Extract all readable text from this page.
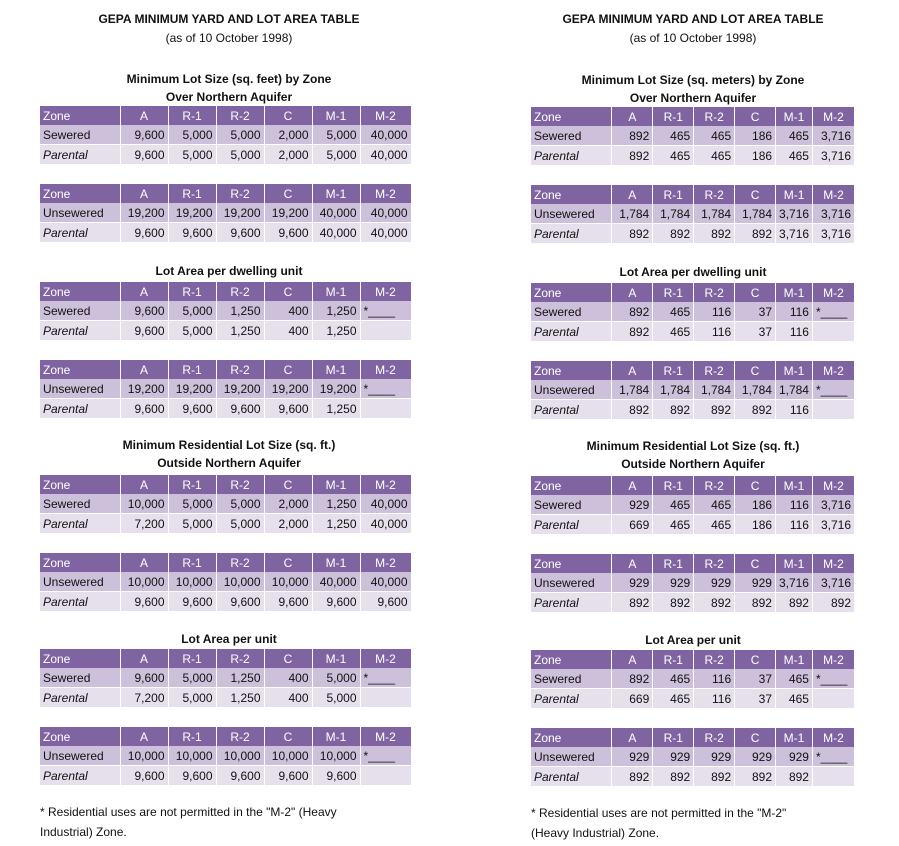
GEPA MINIMUM YARD AND LOT AREA TABLE
(as of 10 October 1998)
Minimum Lot Size (sq. feet) by Zone
Over Northern Aquifer
Zone	A	R-1	R-2	C	M-1	M-2
Sewered	9,600	5,000	5,000	2,000	5,000	40,000
Parental	9,600	5,000	5,000	2,000	5,000	40,000
Zone	A	R-1	R-2	C	M-1	M-2
Unsewered	19,200	19,200	19,200	19,200	40,000	40,000
Parental	9,600	9,600	9,600	9,600	40,000	40,000
Lot Area per dwelling unit
Zone	A	R-1	R-2	C	M-1	M-2
Sewered	9,600	5,000	1,250	400	1,250	*____
Parental	9,600	5,000	1,250	400	1,250	
Zone	A	R-1	R-2	C	M-1	M-2
Unsewered	19,200	19,200	19,200	19,200	19,200	*____
Parental	9,600	9,600	9,600	9,600	1,250	
Minimum Residential Lot Size (sq. ft.)
Outside Northern Aquifer
Zone	A	R-1	R-2	C	M-1	M-2
Sewered	10,000	5,000	5,000	2,000	1,250	40,000
Parental	7,200	5,000	5,000	2,000	1,250	40,000
Zone	A	R-1	R-2	C	M-1	M-2
Unsewered	10,000	10,000	10,000	10,000	40,000	40,000
Parental	9,600	9,600	9,600	9,600	9,600	9,600
Lot Area per unit
Zone	A	R-1	R-2	C	M-1	M-2
Sewered	9,600	5,000	1,250	400	5,000	*____
Parental	7,200	5,000	1,250	400	5,000	
Zone	A	R-1	R-2	C	M-1	M-2
Unsewered	10,000	10,000	10,000	10,000	10,000	*____
Parental	9,600	9,600	9,600	9,600	9,600	
* Residential uses are not permitted in the "M-2" (Heavy
Industrial) Zone.
GEPA MINIMUM YARD AND LOT AREA TABLE
(as of 10 October 1998)
Minimum Lot Size (sq. meters) by Zone
Over Northern Aquifer
Zone	A	R-1	R-2	C	M-1	M-2
Sewered	892	465	465	186	465	3,716
Parental	892	465	465	186	465	3,716
Zone	A	R-1	R-2	C	M-1	M-2
Unsewered	1,784	1,784	1,784	1,784	3,716	3,716
Parental	892	892	892	892	3,716	3,716
Lot Area per dwelling unit
Zone	A	R-1	R-2	C	M-1	M-2
Sewered	892	465	116	37	116	*____
Parental	892	465	116	37	116	
Zone	A	R-1	R-2	C	M-1	M-2
Unsewered	1,784	1,784	1,784	1,784	1,784	*____
Parental	892	892	892	892	116	
Minimum Residential Lot Size (sq. ft.)
Outside Northern Aquifer
Zone	A	R-1	R-2	C	M-1	M-2
Sewered	929	465	465	186	116	3,716
Parental	669	465	465	186	116	3,716
Zone	A	R-1	R-2	C	M-1	M-2
Unsewered	929	929	929	929	3,716	3,716
Parental	892	892	892	892	892	892
Lot Area per unit
Zone	A	R-1	R-2	C	M-1	M-2
Sewered	892	465	116	37	465	*____
Parental	669	465	116	37	465	
Zone	A	R-1	R-2	C	M-1	M-2
Unsewered	929	929	929	929	929	*____
Parental	892	892	892	892	892	
* Residential uses are not permitted in the "M-2"
(Heavy Industrial) Zone.
